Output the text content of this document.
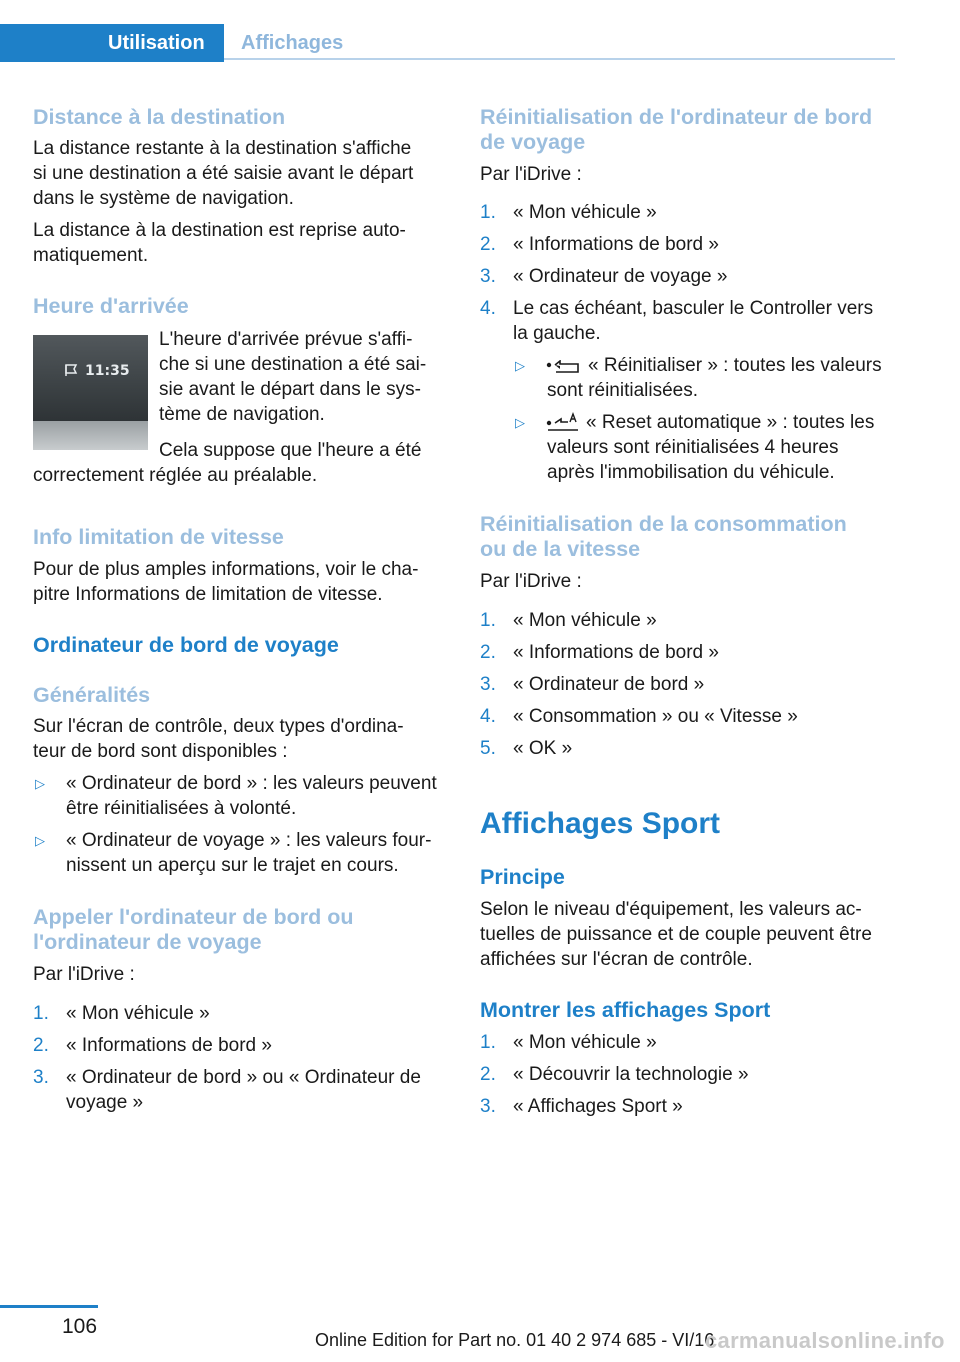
Utilisation	Affichages
Distance à la destination
La distance restante à la destination s'affiche
si une destination a été saisie avant le départ
dans le système de navigation.
La distance à la destination est reprise auto‐
matiquement.
Heure d'arrivée
11:35
L'heure d'arrivée prévue s'affi‐
che si une destination a été sai‐
sie avant le départ dans le sys‐
tème de navigation.
Cela suppose que l'heure a été
correctement réglée au préalable.
Info limitation de vitesse
Pour de plus amples informations, voir le cha‐
pitre Informations de limitation de vitesse.
Ordinateur de bord de voyage
Généralités
Sur l'écran de contrôle, deux types d'ordina‐
teur de bord sont disponibles :
▷ « Ordinateur de bord » : les valeurs peuvent
être réinitialisées à volonté.
▷ « Ordinateur de voyage » : les valeurs four‐
nissent un aperçu sur le trajet en cours.
Appeler l'ordinateur de bord ou
l'ordinateur de voyage
Par l'iDrive :
1. « Mon véhicule »
2. « Informations de bord »
3. « Ordinateur de bord » ou « Ordinateur de
voyage »
Réinitialisation de l'ordinateur de bord
de voyage
Par l'iDrive :
1. « Mon véhicule »
2. « Informations de bord »
3. « Ordinateur de voyage »
4. Le cas échéant, basculer le Controller vers
la gauche.
▷	« Réinitialiser » : toutes les valeurs
sont réinitialisées.
▷	« Reset automatique » : toutes les
valeurs sont réinitialisées 4 heures
après l'immobilisation du véhicule.
Réinitialisation de la consommation
ou de la vitesse
Par l'iDrive :
1. « Mon véhicule »
2. « Informations de bord »
3. « Ordinateur de bord »
4. « Consommation » ou « Vitesse »
5. « OK »
Affichages Sport
Principe
Selon le niveau d'équipement, les valeurs ac‐
tuelles de puissance et de couple peuvent être
affichées sur l'écran de contrôle.
Montrer les affichages Sport
1. « Mon véhicule »
2. « Découvrir la technologie »
3. « Affichages Sport »
106
Online Edition for Part no. 01 40 2 974 685 - VI/16
carmanualsonline.info
